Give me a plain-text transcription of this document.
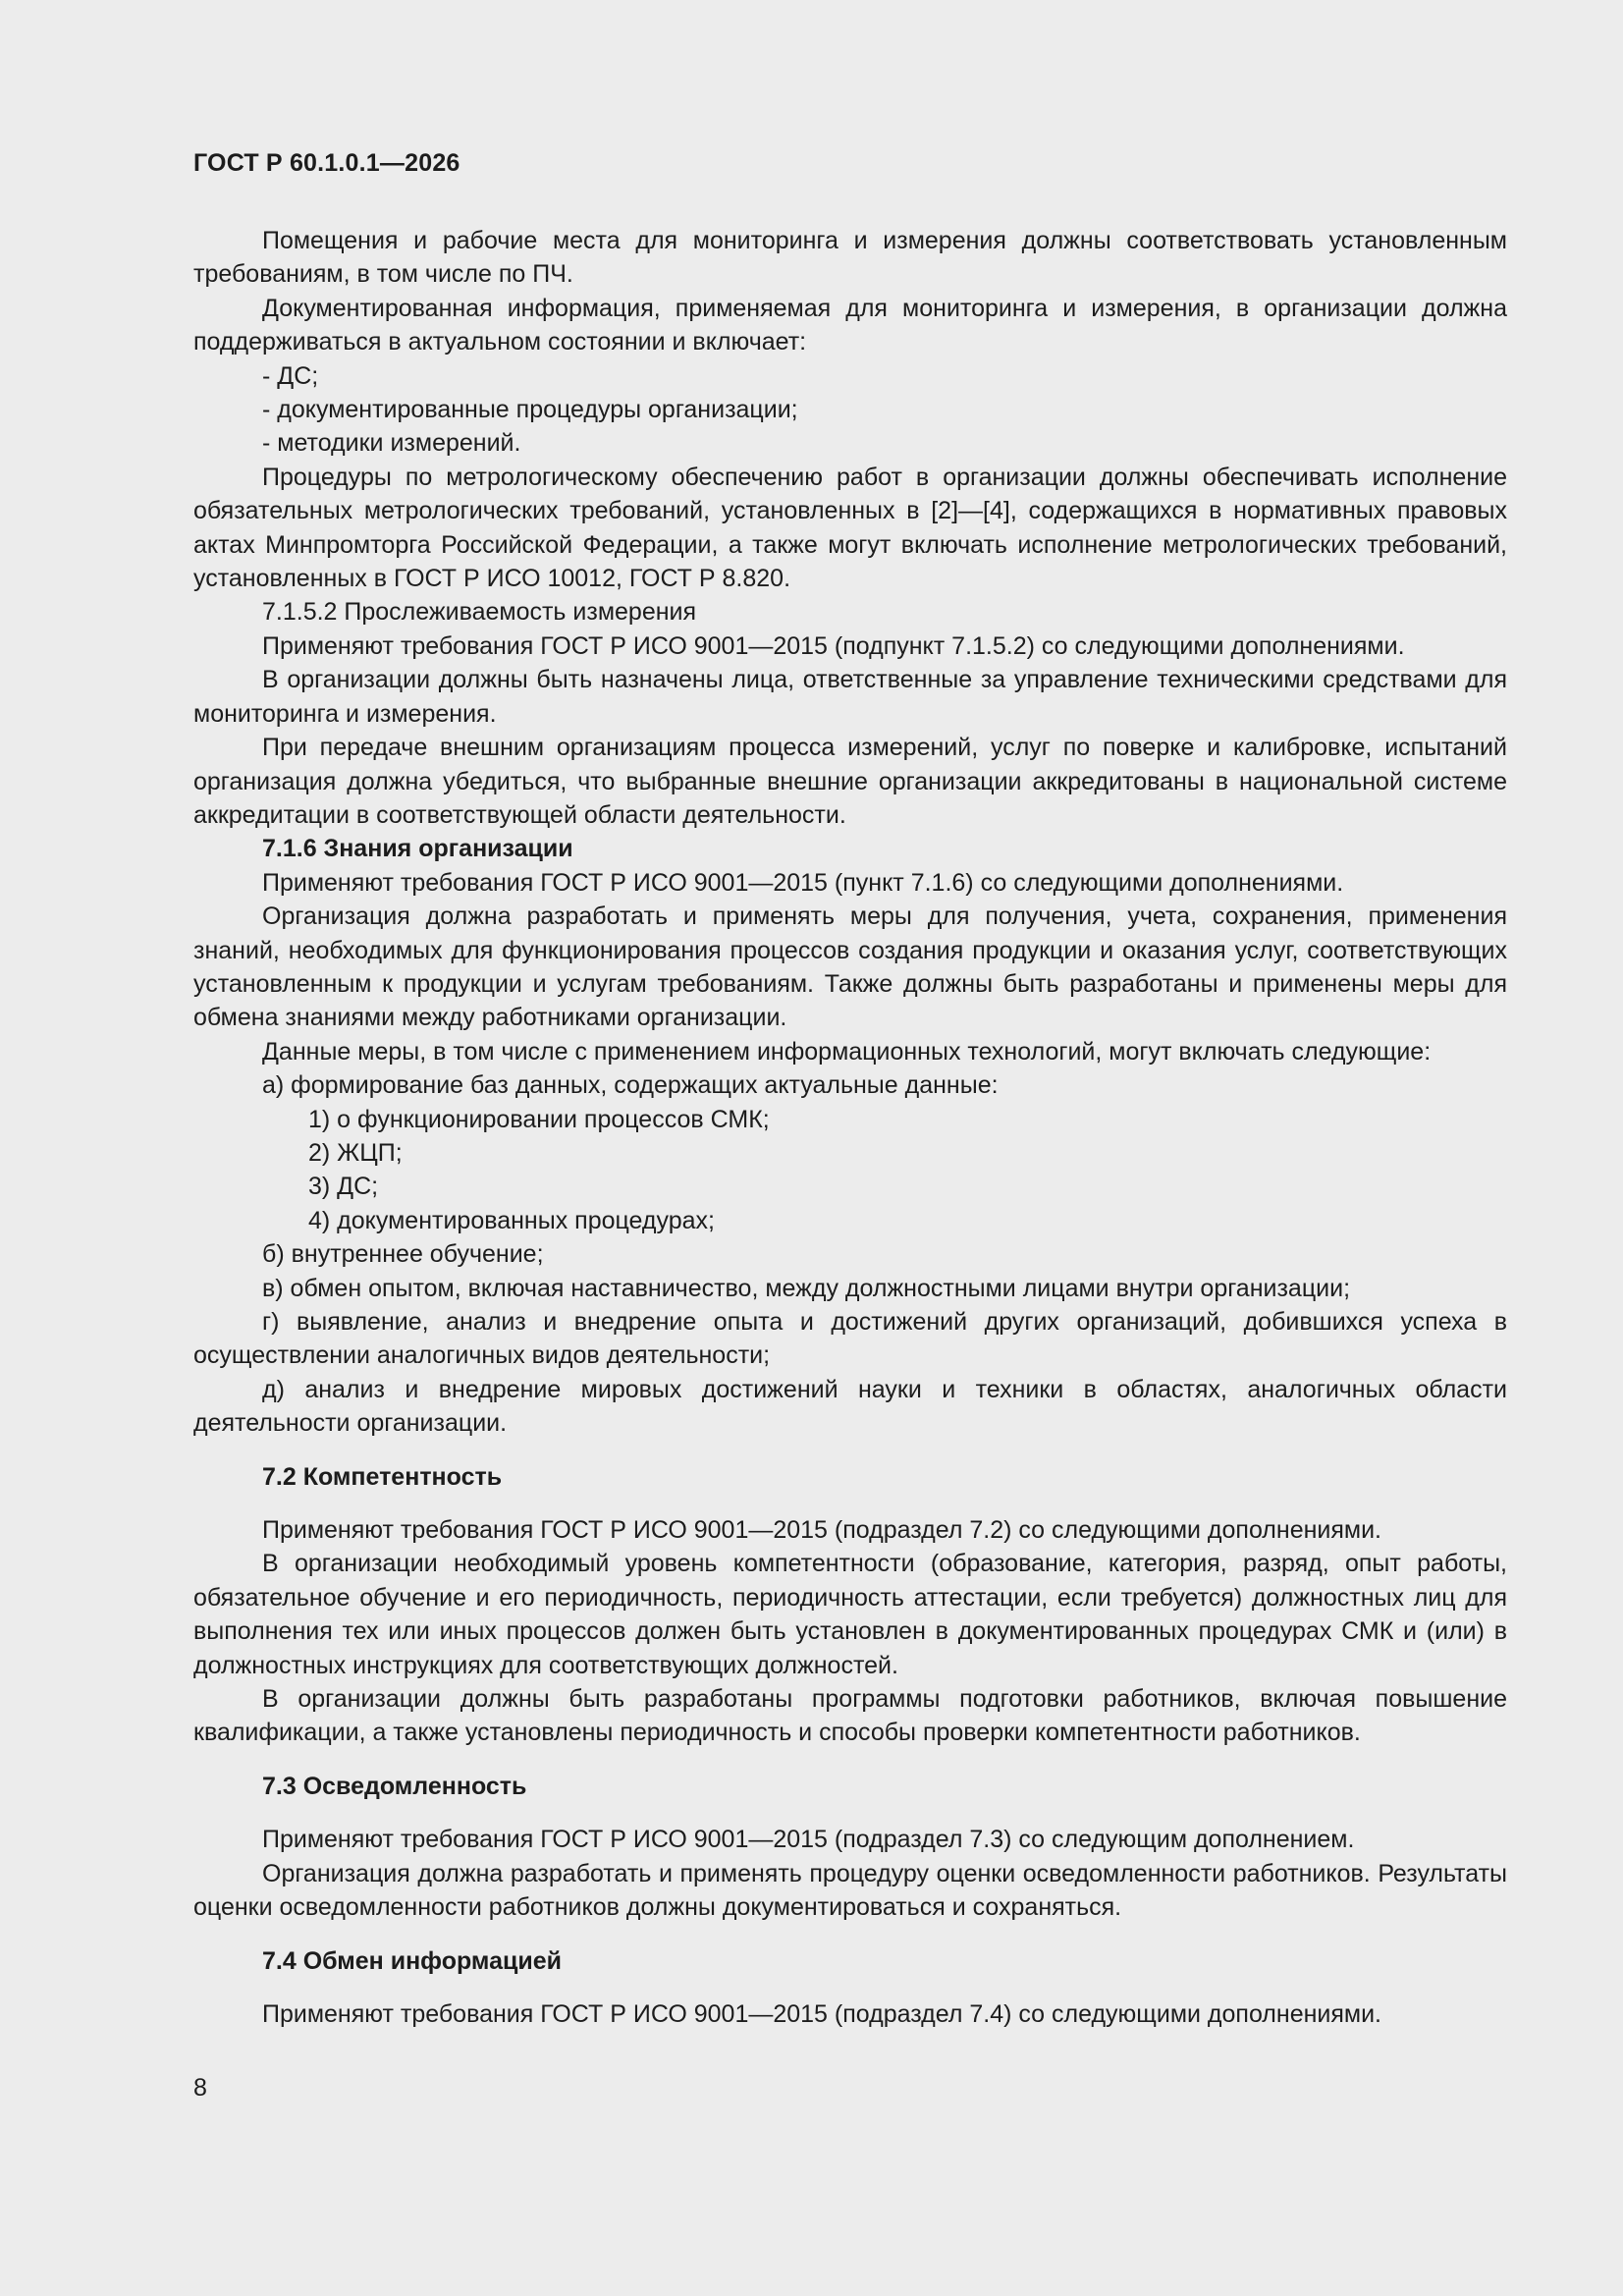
ГОСТ Р 60.1.0.1—2026

Помещения и рабочие места для мониторинга и измерения должны соответствовать установленным требованиям, в том числе по ПЧ.

Документированная информация, применяемая для мониторинга и измерения, в организации должна поддерживаться в актуальном состоянии и включает:

- ДС;

- документированные процедуры организации;

- методики измерений.

Процедуры по метрологическому обеспечению работ в организации должны обеспечивать исполнение обязательных метрологических требований, установленных в [2]—[4], содержащихся в нормативных правовых актах Минпромторга Российской Федерации, а также могут включать исполнение метрологических требований, установленных в ГОСТ Р ИСО 10012, ГОСТ Р 8.820.

7.1.5.2 Прослеживаемость измерения

Применяют требования ГОСТ Р ИСО 9001—2015 (подпункт 7.1.5.2) со следующими дополнениями.

В организации должны быть назначены лица, ответственные за управление техническими средствами для мониторинга и измерения.

При передаче внешним организациям процесса измерений, услуг по поверке и калибровке, испытаний организация должна убедиться, что выбранные внешние организации аккредитованы в национальной системе аккредитации в соответствующей области деятельности.

7.1.6 Знания организации

Применяют требования ГОСТ Р ИСО 9001—2015 (пункт 7.1.6) со следующими дополнениями.

Организация должна разработать и применять меры для получения, учета, сохранения, применения знаний, необходимых для функционирования процессов создания продукции и оказания услуг, соответствующих установленным к продукции и услугам требованиям. Также должны быть разработаны и применены меры для обмена знаниями между работниками организации.

Данные меры, в том числе с применением информационных технологий, могут включать следующие:

а) формирование баз данных, содержащих актуальные данные:

1) о функционировании процессов СМК;

2) ЖЦП;

3) ДС;

4) документированных процедурах;

б) внутреннее обучение;

в) обмен опытом, включая наставничество, между должностными лицами внутри организации;

г) выявление, анализ и внедрение опыта и достижений других организаций, добившихся успеха в осуществлении аналогичных видов деятельности;

д) анализ и внедрение мировых достижений науки и техники в областях, аналогичных области деятельности организации.

7.2 Компетентность

Применяют требования ГОСТ Р ИСО 9001—2015 (подраздел 7.2) со следующими дополнениями.

В организации необходимый уровень компетентности (образование, категория, разряд, опыт работы, обязательное обучение и его периодичность, периодичность аттестации, если требуется) должностных лиц для выполнения тех или иных процессов должен быть установлен в документированных процедурах СМК и (или) в должностных инструкциях для соответствующих должностей.

В организации должны быть разработаны программы подготовки работников, включая повышение квалификации, а также установлены периодичность и способы проверки компетентности работников.

7.3 Осведомленность

Применяют требования ГОСТ Р ИСО 9001—2015 (подраздел 7.3) со следующим дополнением.

Организация должна разработать и применять процедуру оценки осведомленности работников. Результаты оценки осведомленности работников должны документироваться и сохраняться.

7.4 Обмен информацией

Применяют требования ГОСТ Р ИСО 9001—2015 (подраздел 7.4) со следующими дополнениями.

8
